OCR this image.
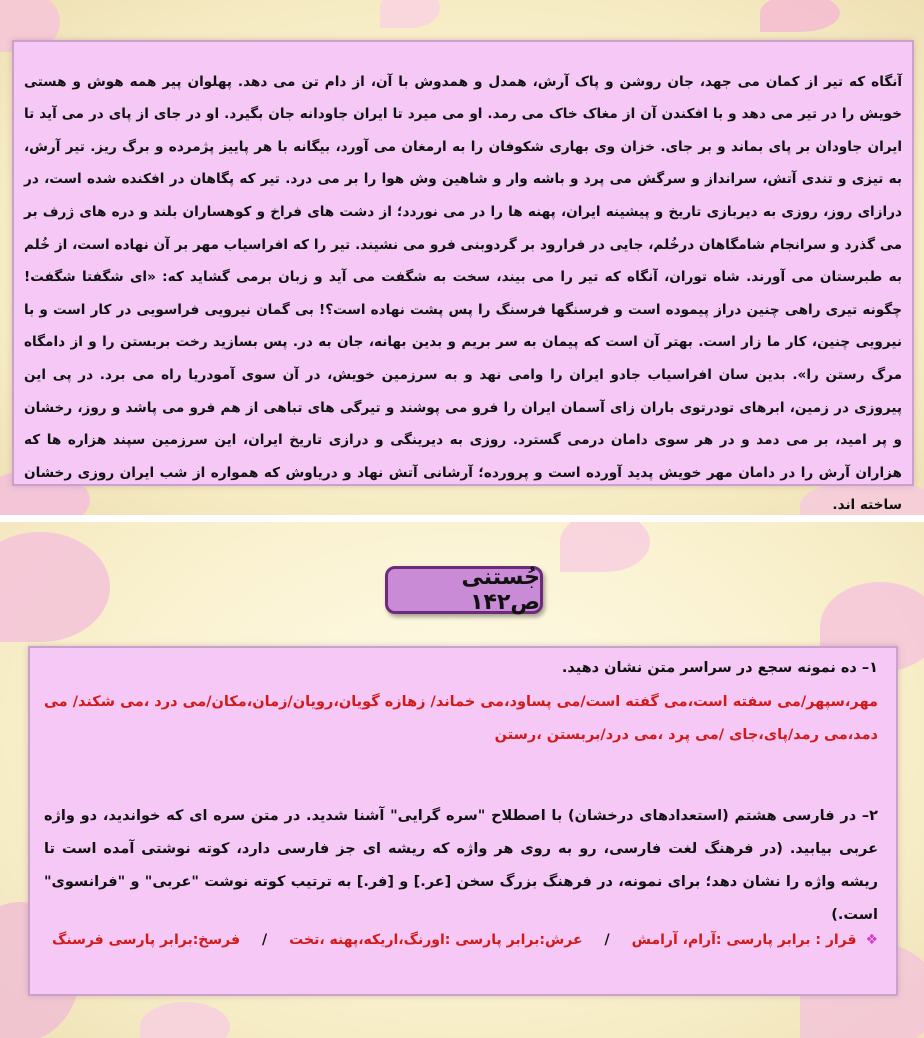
آنگاه که تیر از کمان می جهد، جان روشن و پاک آرش، همدل و همدوش با آن، از دام تن می دهد. پهلوان پیر همه هوش و هستی خویش را در تیر می دهد و با افکندن آن از مغاک خاک می رمد. او می میرد تا ایران جاودانه جان بگیرد. او در جای از پای در می آید تا ایران جاودان بر پای بماند و بر جای. خزان وی بهاری شکوفان را به ارمغان می آورد، بیگانه با هر پاییز پژمرده و برگ ریز. تیر آرش، به تیزی و تندی آتش، سرانداز و سرگش می پرد و باشه وار و شاهین وش هوا را بر می درد. تیر که پگاهان در افکنده شده است، در درازای روز، روزی به دیربازی تاریخ و پیشینه ایران، پهنه ها را در می نوردد؛ از دشت های فراخ و کوهساران بلند و دره های ژرف بر می گذرد و سرانجام شامگاهان درخُلم، جایی در فرارود بر گردوبنی فرو می نشیند. تیر را که افراسیاب مهر بر آن نهاده است، از خُلم به طبرستان می آورند. شاه توران، آنگاه که تیر را می بیند، سخت به شگفت می آید و زبان برمی گشاید که: «ای شگفتا شگفت! چگونه تیری راهی چنین دراز پیموده است و فرسنگها فرسنگ را پس پشت نهاده است؟! بی گمان نیرویی فراسویی در کار است و با نیرویی چنین، کار ما زار است. بهتر آن است که پیمان به سر بریم و بدین بهانه، جان به در. پس بسازید رخت بربستن را و از دامگاه مرگ رستن را». بدین سان افراسیاب جادو ایران را وامی نهد و به سرزمین خویش، در آن سوی آمودریا راه می برد. در پی این پیروزی در زمین، ابرهای تودرتوی باران زای آسمان ایران را فرو می پوشند و تیرگی های تباهی از هم فرو می پاشد و روز، رخشان و پر امید، بر می دمد و در هر سوی دامان درمی گسترد. روزی به دیرینگی و درازی تاریخ ایران، این سرزمین سپند هزاره ها که هزاران آرش را در دامان مهر خویش پدید آورده است و پرورده؛ آرشانی آتش نهاد و دریاوش که همواره از شب ایران روزی رخشان ساخته اند.

جُستنی ص۱۴۲

۱– ده نمونه سجع در سراسر متن نشان دهید.

مهر،سپهر/می سفته است،می گفته است/می پساود،می خماند/ زهازه گویان،رویان/زمان،مکان/می درد ،می شکند/ می دمد،می رمد/پای،جای /می پرد ،می درد/بربستن ،رستن

۲– در فارسی هشتم (استعدادهای درخشان) با اصطلاح "سره گرایی" آشنا شدید. در متن سره ای که خواندید، دو واژه عربی بیابید. (در فرهنگ لغت فارسی، رو به روی هر واژه که ریشه ای جز فارسی دارد، کوته نوشتی آمده است تا ریشه واژه را نشان دهد؛ برای نمونه، در فرهنگ بزرگ سخن [عر.] و [فر.] به ترتیب کوته نوشت "عربی" و "فرانسوی" است.)

❖ قرار : برابر پارسی :آرام، آرامش
/
عرش:برابر پارسی :اورنگ،اریکه،پهنه ،تخت
/
فرسخ:برابر پارسی فرسنگ
